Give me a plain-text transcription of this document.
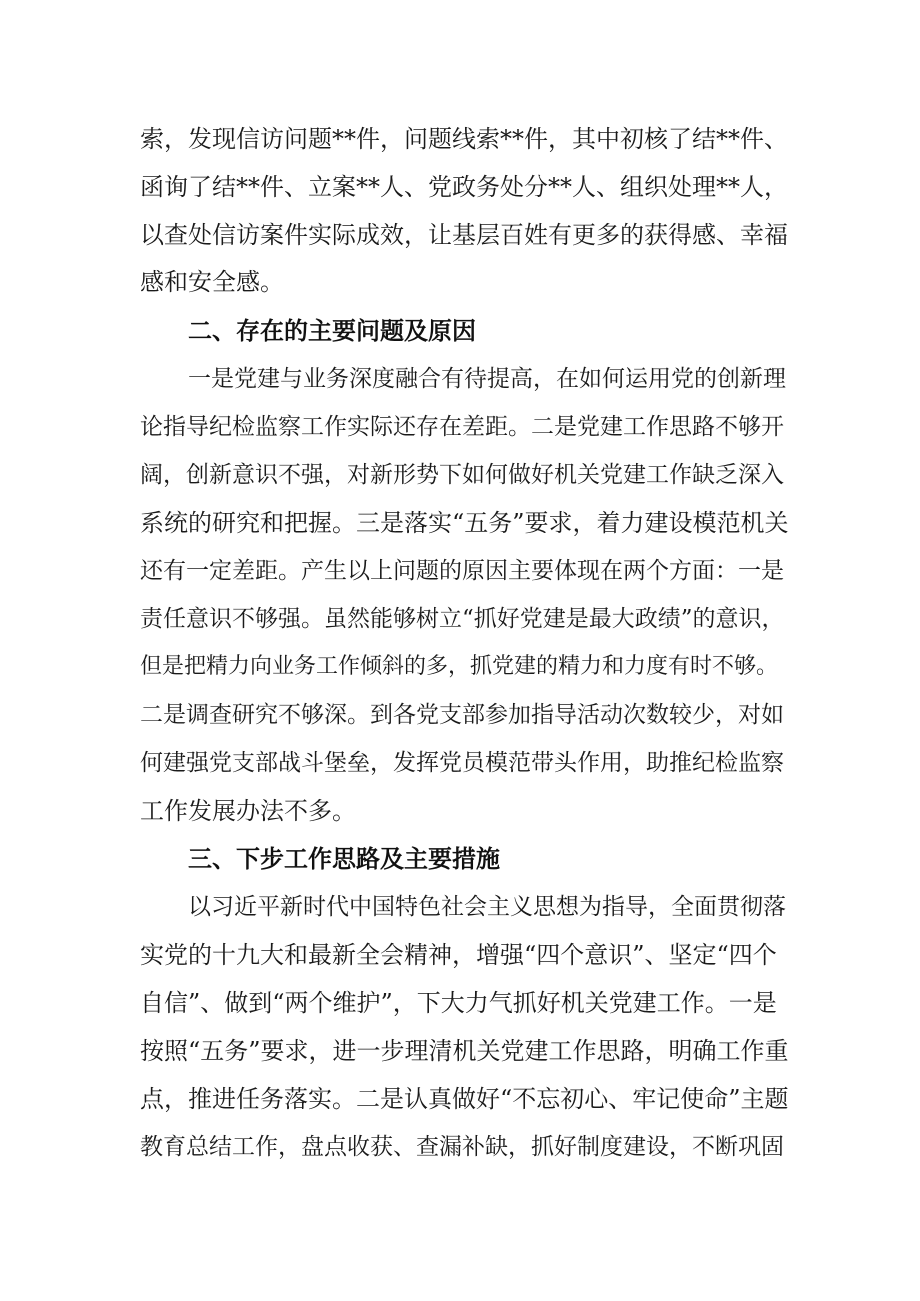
索，发现信访问题**件，问题线索**件，其中初核了结**件、
函询了结**件、立案**人、党政务处分**人、组织处理**人，
以查处信访案件实际成效，让基层百姓有更多的获得感、幸福
感和安全感。
二、存在的主要问题及原因
一是党建与业务深度融合有待提高，在如何运用党的创新理
论指导纪检监察工作实际还存在差距。二是党建工作思路不够开
阔，创新意识不强，对新形势下如何做好机关党建工作缺乏深入
系统的研究和把握。三是落实“五务”要求，着力建设模范机关
还有一定差距。产生以上问题的原因主要体现在两个方面：一是
责任意识不够强。虽然能够树立“抓好党建是最大政绩”的意识，
但是把精力向业务工作倾斜的多，抓党建的精力和力度有时不够。
二是调查研究不够深。到各党支部参加指导活动次数较少，对如
何建强党支部战斗堡垒，发挥党员模范带头作用，助推纪检监察
工作发展办法不多。
三、下步工作思路及主要措施
以习近平新时代中国特色社会主义思想为指导，全面贯彻落
实党的十九大和最新全会精神，增强“四个意识”、坚定“四个
自信”、做到“两个维护”，下大力气抓好机关党建工作。一是
按照“五务”要求，进一步理清机关党建工作思路，明确工作重
点，推进任务落实。二是认真做好“不忘初心、牢记使命”主题
教育总结工作，盘点收获、查漏补缺，抓好制度建设，不断巩固
